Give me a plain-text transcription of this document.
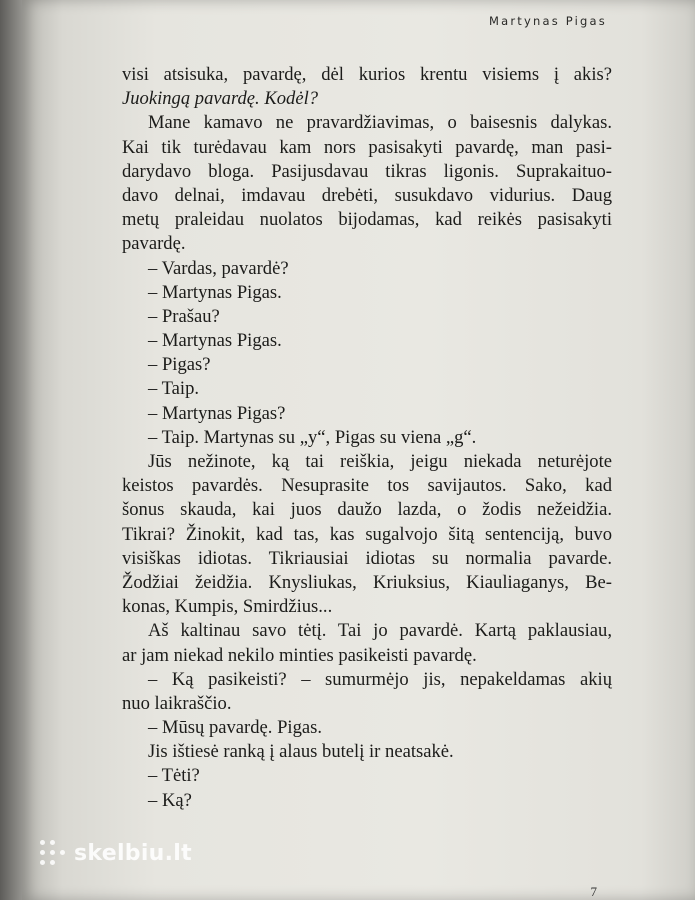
Martynas Pigas
visi atsisuka, pavardę, dėl kurios krentu visiems į akis?
Juokingą pavardę. Kodėl?
Mane kamavo ne pravardžiavimas, o baisesnis dalykas.
Kai tik turėdavau kam nors pasisakyti pavardę, man pasi-
darydavo bloga. Pasijusdavau tikras ligonis. Suprakaituo-
davo delnai, imdavau drebėti, susukdavo vidurius. Daug
metų praleidau nuolatos bijodamas, kad reikės pasisakyti
pavardę.
– Vardas, pavardė?
– Martynas Pigas.
– Prašau?
– Martynas Pigas.
– Pigas?
– Taip.
– Martynas Pigas?
– Taip. Martynas su „y“, Pigas su viena „g“.
Jūs nežinote, ką tai reiškia, jeigu niekada neturėjote
keistos pavardės. Nesuprasite tos savijautos. Sako, kad
šonus skauda, kai juos daužo lazda, o žodis nežeidžia.
Tikrai? Žinokit, kad tas, kas sugalvojo šitą sentenciją, buvo
visiškas idiotas. Tikriausiai idiotas su normalia pavarde.
Žodžiai žeidžia. Knysliukas, Kriuksius, Kiauliaganys, Be-
konas, Kumpis, Smirdžius...
Aš kaltinau savo tėtį. Tai jo pavardė. Kartą paklausiau,
ar jam niekad nekilo minties pasikeisti pavardę.
– Ką pasikeisti? – sumurmėjo jis, nepakeldamas akių
nuo laikraščio.
– Mūsų pavardę. Pigas.
Jis ištiesė ranką į alaus butelį ir neatsakė.
– Tėti?
– Ką?
7
skelbiu.lt
